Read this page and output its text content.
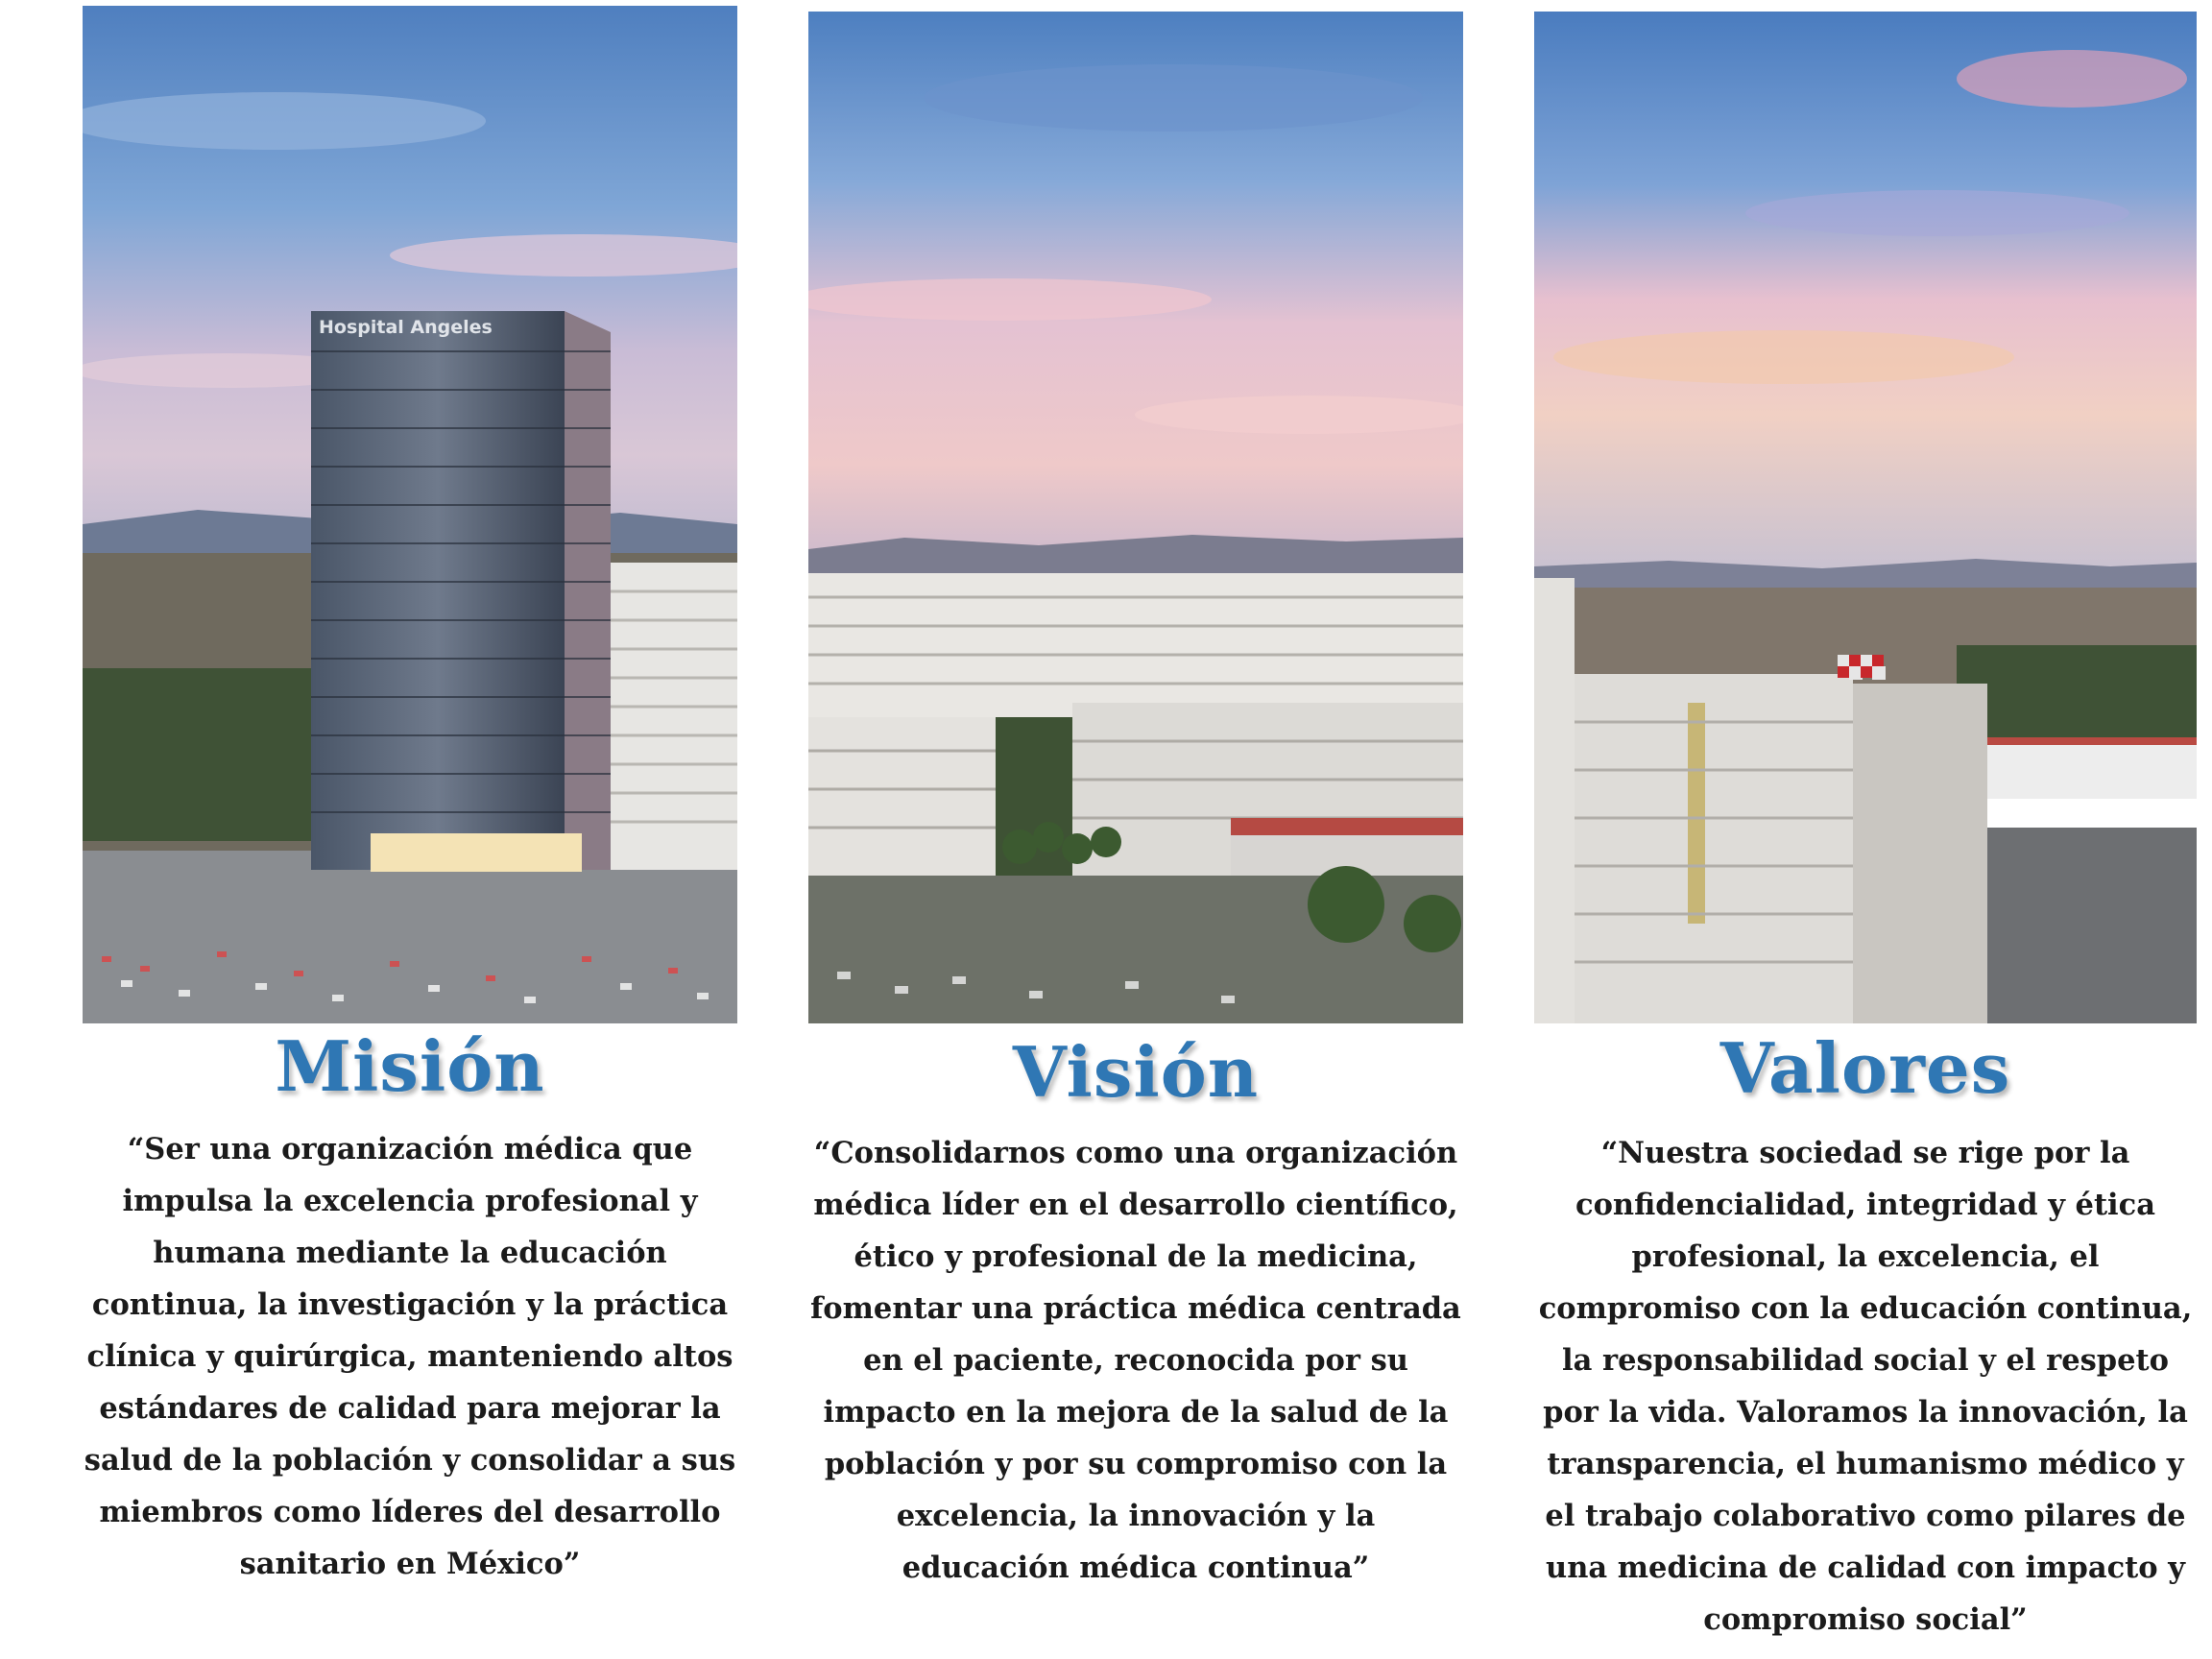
Hospital Angeles
Misión

“Ser una organización médica que impulsa la excelencia profesional y humana mediante la educación continua, la investigación y la práctica clínica y quirúrgica, manteniendo altos estándares de calidad para mejorar la salud de la población y consolidar a sus miembros como líderes del desarrollo sanitario en México”

Visión

“Consolidarnos como una organización médica líder en el desarrollo científico, ético y profesional de la medicina, fomentar una práctica médica centrada en el paciente, reconocida por su impacto en la mejora de la salud de la población y por su compromiso con la excelencia, la innovación y la educación médica continua”

Valores

“Nuestra sociedad se rige por la confidencialidad, integridad y ética profesional, la excelencia, el compromiso con la educación continua, la responsabilidad social y el respeto por la vida. Valoramos la innovación, la transparencia, el humanismo médico y el trabajo colaborativo como pilares de una medicina de calidad con impacto y compromiso social”
